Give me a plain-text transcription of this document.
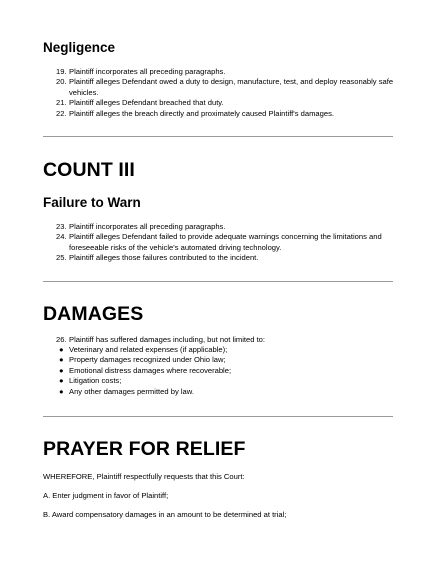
Negligence
19. Plaintiff incorporates all preceding paragraphs.
20. Plaintiff alleges Defendant owed a duty to design, manufacture, test, and deploy reasonably safe vehicles.
21. Plaintiff alleges Defendant breached that duty.
22. Plaintiff alleges the breach directly and proximately caused Plaintiff's damages.
COUNT III
Failure to Warn
23. Plaintiff incorporates all preceding paragraphs.
24. Plaintiff alleges Defendant failed to provide adequate warnings concerning the limitations and foreseeable risks of the vehicle's automated driving technology.
25. Plaintiff alleges those failures contributed to the incident.
DAMAGES
26. Plaintiff has suffered damages including, but not limited to:
● Veterinary and related expenses (if applicable);
● Property damages recognized under Ohio law;
● Emotional distress damages where recoverable;
● Litigation costs;
● Any other damages permitted by law.
PRAYER FOR RELIEF

WHEREFORE, Plaintiff respectfully requests that this Court:

A. Enter judgment in favor of Plaintiff;

B. Award compensatory damages in an amount to be determined at trial;
